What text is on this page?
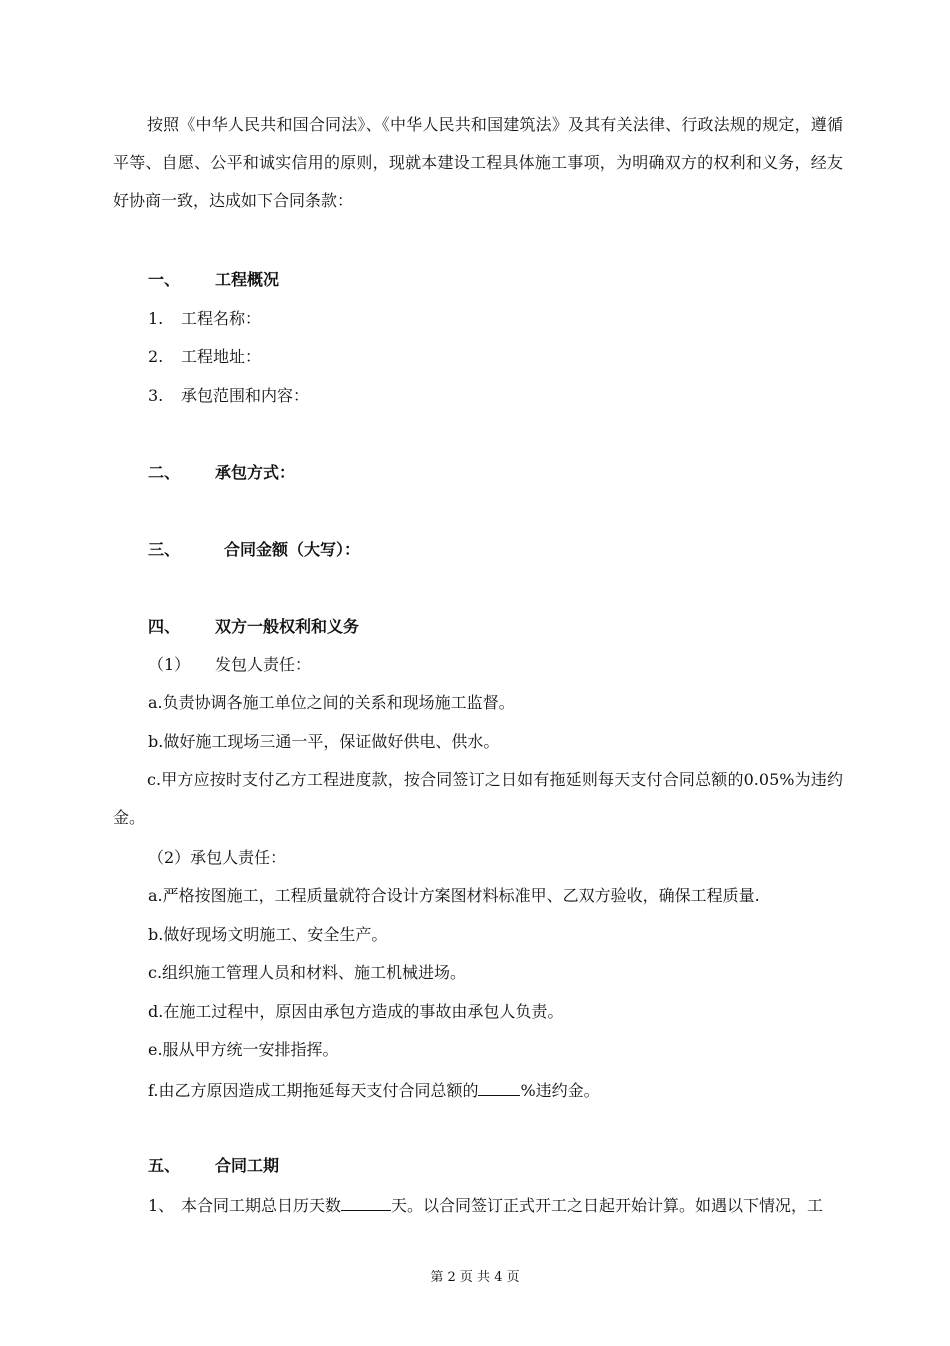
按照《中华人民共和国合同法》、《中华人民共和国建筑法》及其有关法律、行政法规的规定，遵循平等、自愿、公平和诚实信用的原则，现就本建设工程具体施工事项，为明确双方的权利和义务，经友好协商一致，达成如下合同条款：
一、 工程概况
1. 工程名称：
2. 工程地址：
3. 承包范围和内容：
二、 承包方式：
三、	合同金额（大写）：
四、 双方一般权利和义务
（1） 发包人责任：
a.负责协调各施工单位之间的关系和现场施工监督。
b.做好施工现场三通一平，保证做好供电、供水。
c.甲方应按时支付乙方工程进度款，按合同签订之日如有拖延则每天支付合同总额的0.05%为违约金。
（2）承包人责任：
a.严格按图施工，工程质量就符合设计方案图材料标准甲、乙双方验收，确保工程质量.
b.做好现场文明施工、安全生产。
c.组织施工管理人员和材料、施工机械进场。
d.在施工过程中，原因由承包方造成的事故由承包人负责。
e.服从甲方统一安排指挥。
f.由乙方原因造成工期拖延每天支付合同总额的	%违约金。
五、 合同工期
1、 本合同工期总日历天数	天。以合同签订正式开工之日起开始计算。如遇以下情况，工
第 2 页 共 4 页
